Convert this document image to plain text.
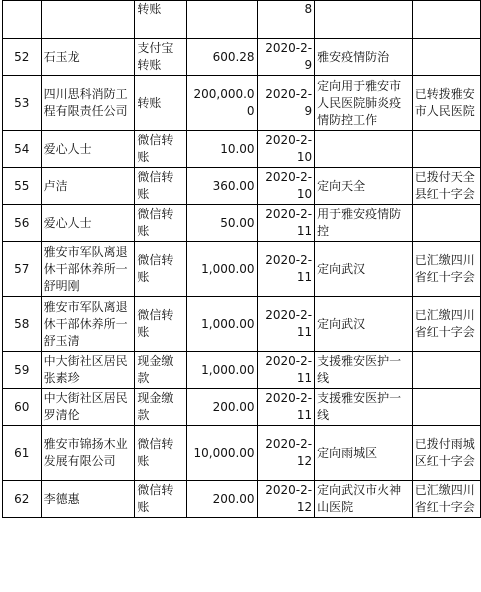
		转账		8		
52	石玉龙	支付宝转账	600.28	2020-2-9	雅安疫情防治	
53	四川思科消防工程有限责任公司	转账	200,000.00	2020-2-9	定向用于雅安市人民医院肺炎疫情防控工作	已转拨雅安市人民医院
54	爱心人士	微信转账	10.00	2020-2-10		
55	卢洁	微信转账	360.00	2020-2-10	定向天全	已拨付天全县红十字会
56	爱心人士	微信转账	50.00	2020-2-11	用于雅安疫情防控	
57	雅安市军队离退休干部休养所一舒明刚	微信转账	1,000.00	2020-2-11	定向武汉	已汇缴四川省红十字会
58	雅安市军队离退休干部休养所一舒玉清	微信转账	1,000.00	2020-2-11	定向武汉	已汇缴四川省红十字会
59	中大街社区居民张素珍	现金缴款	1,000.00	2020-2-11	支援雅安医护一线	
60	中大街社区居民罗清伦	现金缴款	200.00	2020-2-11	支援雅安医护一线	
61	雅安市锦扬木业发展有限公司	微信转账	10,000.00	2020-2-12	定向雨城区	已拨付雨城区红十字会
62	李德惠	微信转账	200.00	2020-2-12	定向武汉市火神山医院	已汇缴四川省红十字会
